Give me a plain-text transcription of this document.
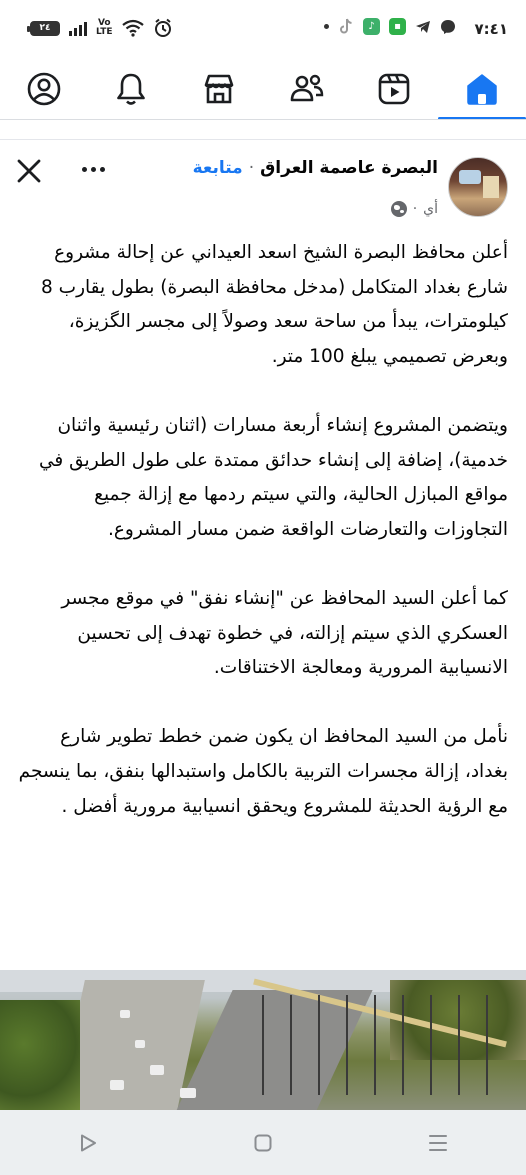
٢٤	Vo
LTE	٧:٤١
▪
♪
البصرة عاصمة العراق·متابعة
أي
·

أعلن محافظ البصرة الشيخ اسعد العيداني عن إحالة مشروع شارع بغداد المتكامل (مدخل محافظة البصرة) بطول يقارب 8 كيلومترات، يبدأ من ساحة سعد وصولاً إلى مجسر الگزيزة، وبعرض تصميمي يبلغ 100 متر.

ويتضمن المشروع إنشاء أربعة مسارات (اثنان رئيسية واثنان خدمية)، إضافة إلى إنشاء حدائق ممتدة على طول الطريق في مواقع المبازل الحالية، والتي سيتم ردمها مع إزالة جميع التجاوزات والتعارضات الواقعة ضمن مسار المشروع.

كما أعلن السيد المحافظ عن "إنشاء نفق" في موقع مجسر العسكري الذي سيتم إزالته، في خطوة تهدف إلى تحسين الانسيابية المرورية ومعالجة الاختناقات.

نأمل من السيد المحافظ ان يكون ضمن خطط تطوير شارع بغداد، إزالة مجسرات التربية بالكامل واستبدالها بنفق، بما ينسجم مع الرؤية الحديثة للمشروع ويحقق انسيابية مرورية أفضل .
